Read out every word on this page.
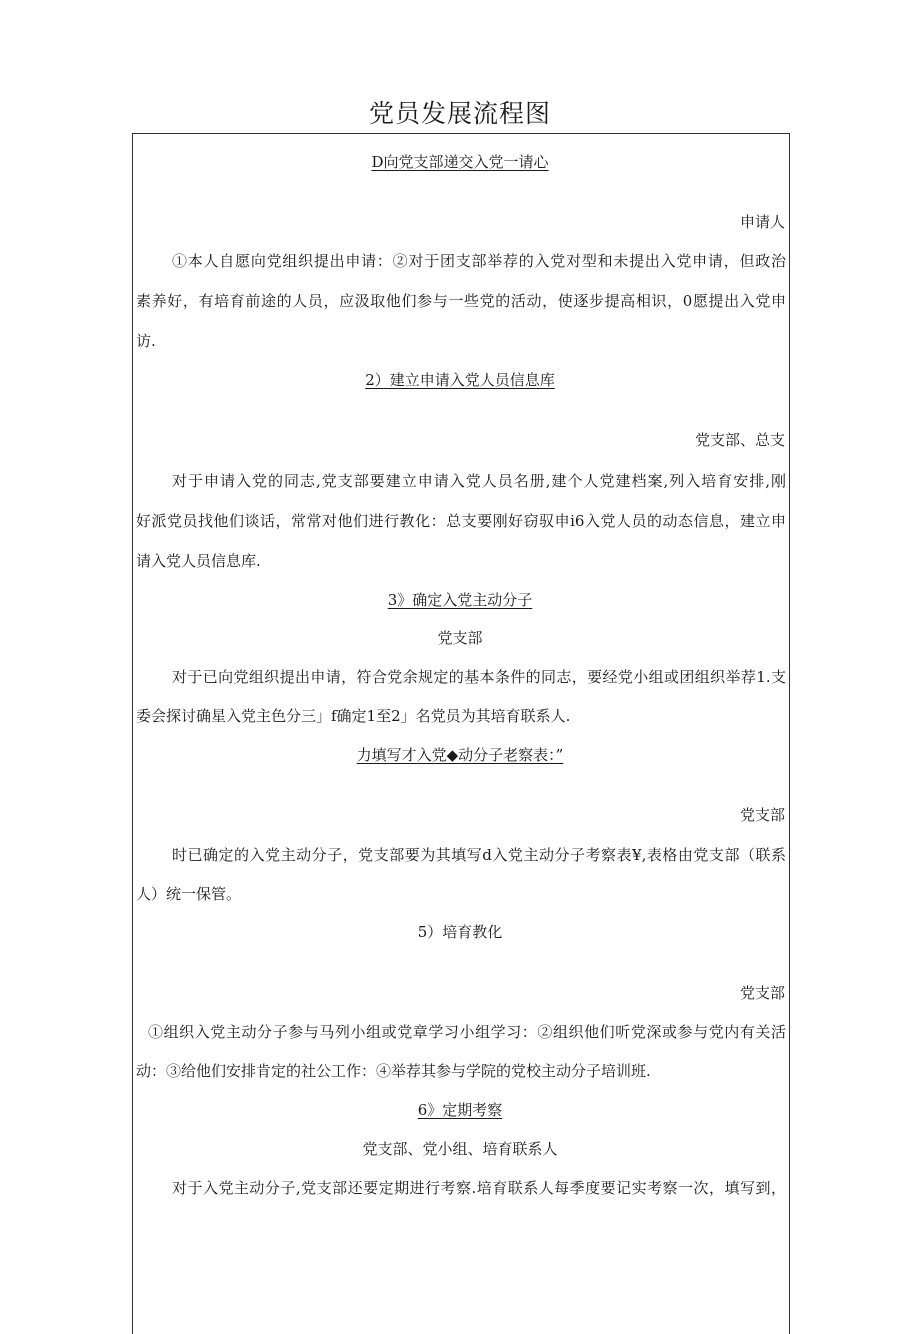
党员发展流程图
D向党支部递交入党一请心
申请人
①本人自愿向党组织提出申请：②对于团支部举荐的入党对型和未提出入党申请，但政治
素养好，有培育前途的人员，应汲取他们参与一些党的活动，使逐步提高相识，0愿提出入党申
访.
2）建立申请入党人员信息库
党支部、总支
对于申请入党的同志,党支部要建立申请入党人员名册,建个人党建档案,列入培育安排,刚
好派党员找他们谈话，常常对他们进行教化：总支要刚好窃驭申i6入党人员的动态信息，建立申
请入党人员信息库.
3》确定入党主动分子
党支部
对于已向党组织提出申请，符合党余规定的基本条件的同志，要经党小组或团组织举荐1.支
委会探讨确星入党主色分三」f确定1至2」名党员为其培育联系人.
力填写才入党◆动分子老察表：”
党支部
时已确定的入党主动分子，党支部要为其填写d入党主动分子考察表¥,表格由党支部（联系
人）统一保管。
5）培育教化
党支部
①组织入党主动分子参与马列小组或党章学习小组学习：②组织他们听党深或参与党内有关活
动：③给他们安排肯定的社公工作：④举荐其参与学院的党校主动分子培训班.
6》定期考察
党支部、党小组、培育联系人
对于入党主动分子,党支部还要定期进行考察.培育联系人每季度要记实考察一次，填写到，
